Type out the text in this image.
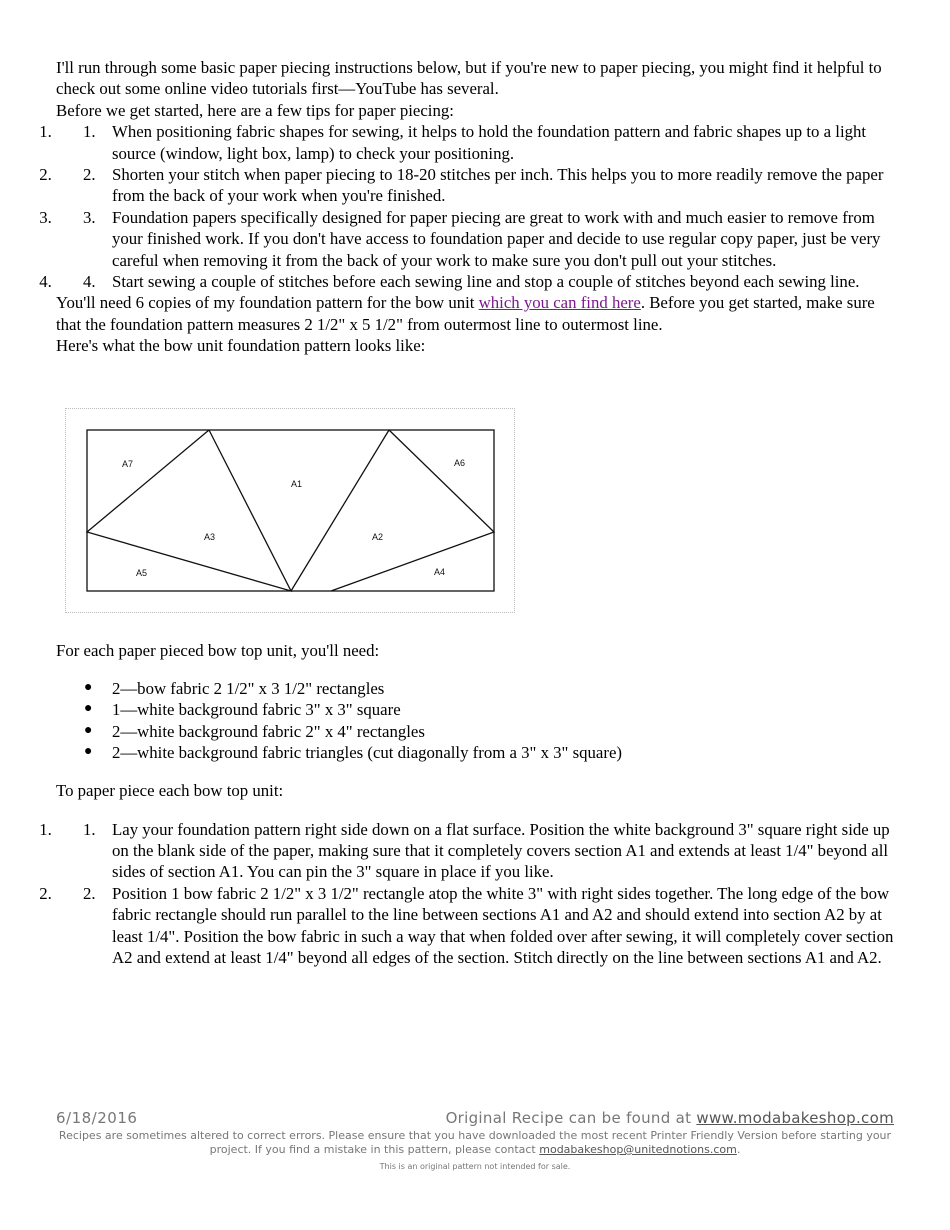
I'll run through some basic paper piecing instructions below, but if you're new to paper piecing, you might find it helpful to check out some online video tutorials first—YouTube has several.

Before we get started, here are a few tips for paper piecing:

1. 1. When positioning fabric shapes for sewing, it helps to hold the foundation pattern and fabric shapes up to a light source (window, light box, lamp) to check your positioning.
2. 2. Shorten your stitch when paper piecing to 18-20 stitches per inch. This helps you to more readily remove the paper from the back of your work when you're finished.
3. 3. Foundation papers specifically designed for paper piecing are great to work with and much easier to remove from your finished work. If you don't have access to foundation paper and decide to use regular copy paper, just be very careful when removing it from the back of your work to make sure you don't pull out your stitches.
4. 4. Start sewing a couple of stitches before each sewing line and stop a couple of stitches beyond each sewing line.

You'll need 6 copies of my foundation pattern for the bow unit which you can find here. Before you get started, make sure that the foundation pattern measures 2 1/2" x 5 1/2" from outermost line to outermost line.

Here's what the bow unit foundation pattern looks like:

A7	A6
A1
A3	A2
A5	A4

For each paper pieced bow top unit, you'll need:

● 2—bow fabric 2 1/2" x 3 1/2" rectangles
● 1—white background fabric 3" x 3" square
● 2—white background fabric 2" x 4" rectangles
● 2—white background fabric triangles (cut diagonally from a 3" x 3" square)

To paper piece each bow top unit:

1. 1. Lay your foundation pattern right side down on a flat surface. Position the white background 3" square right side up on the blank side of the paper, making sure that it completely covers section A1 and extends at least 1/4" beyond all sides of section A1. You can pin the 3" square in place if you like.
2. 2. Position 1 bow fabric 2 1/2" x 3 1/2" rectangle atop the white 3" with right sides together. The long edge of the bow fabric rectangle should run parallel to the line between sections A1 and A2 and should extend into section A2 by at least 1/4". Position the bow fabric in such a way that when folded over after sewing, it will completely cover section A2 and extend at least 1/4" beyond all edges of the section. Stitch directly on the line between sections A1 and A2.
6/18/2016	Original Recipe can be found at www.modabakeshop.com
Recipes are sometimes altered to correct errors. Please ensure that you have downloaded the most recent Printer Friendly Version before starting your project. If you find a mistake in this pattern, please contact modabakeshop@unitednotions.com.
This is an original pattern not intended for sale.
